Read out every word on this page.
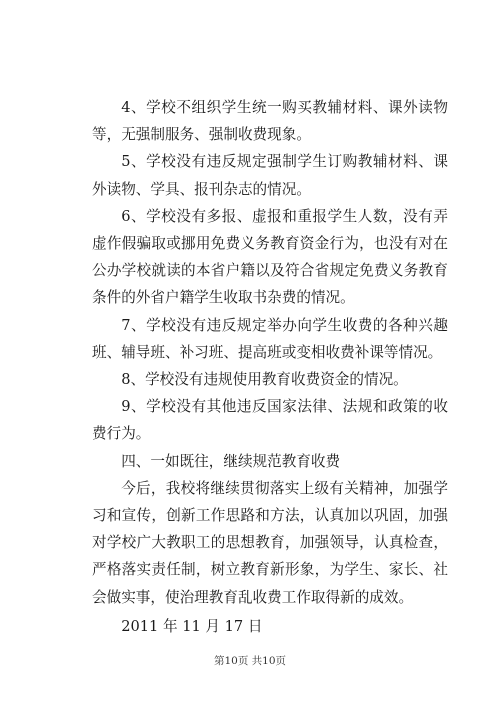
4、学校不组织学生统一购买教辅材料、课外读物等，无强制服务、强制收费现象。

5、学校没有违反规定强制学生订购教辅材料、课外读物、学具、报刊杂志的情况。

6、学校没有多报、虚报和重报学生人数，没有弄虚作假骗取或挪用免费义务教育资金行为，也没有对在公办学校就读的本省户籍以及符合省规定免费义务教育条件的外省户籍学生收取书杂费的情况。

7、学校没有违反规定举办向学生收费的各种兴趣班、辅导班、补习班、提高班或变相收费补课等情况。

8、学校没有违规使用教育收费资金的情况。

9、学校没有其他违反国家法律、法规和政策的收费行为。

四、一如既往，继续规范教育收费

今后，我校将继续贯彻落实上级有关精神，加强学习和宣传，创新工作思路和方法，认真加以巩固，加强对学校广大教职工的思想教育，加强领导，认真检查，严格落实责任制，树立教育新形象，为学生、家长、社会做实事，使治理教育乱收费工作取得新的成效。

2011 年 11 月 17 日

第10页 共10页
